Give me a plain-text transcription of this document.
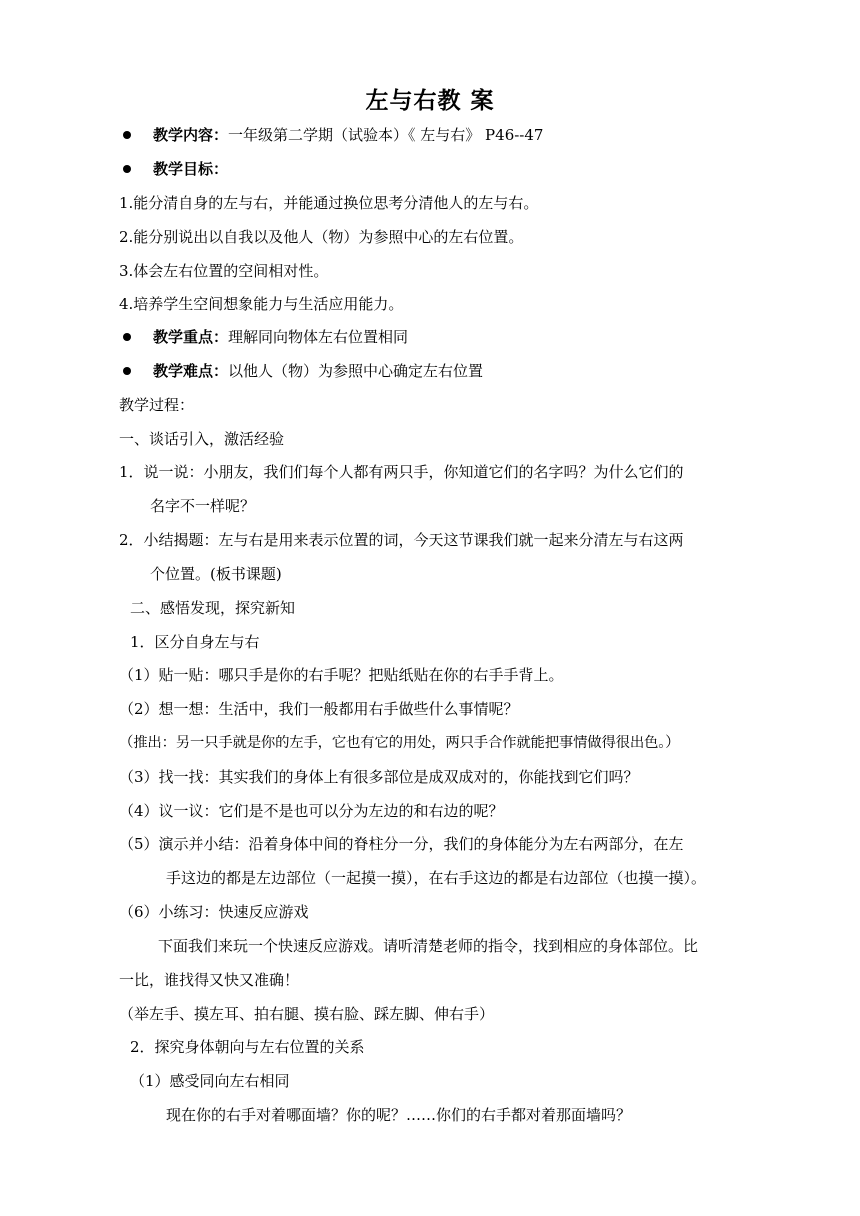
左与右教 案
教学内容：一年级第二学期（试验本）《 左与右》 P46--47
教学目标：
1.能分清自身的左与右，并能通过换位思考分清他人的左与右。
2.能分别说出以自我以及他人（物）为参照中心的左右位置。
3.体会左右位置的空间相对性。
4.培养学生空间想象能力与生活应用能力。
教学重点：理解同向物体左右位置相同
教学难点：以他人（物）为参照中心确定左右位置
教学过程：
一、谈话引入，激活经验
1．说一说：小朋友，我们们每个人都有两只手，你知道它们的名字吗？为什么它们的
名字不一样呢？
2．小结揭题：左与右是用来表示位置的词，今天这节课我们就一起来分清左与右这两
个位置。(板书课题)
二、感悟发现，探究新知
1．区分自身左与右
（1）贴一贴：哪只手是你的右手呢？把贴纸贴在你的右手手背上。
（2）想一想：生活中，我们一般都用右手做些什么事情呢？
（推出：另一只手就是你的左手，它也有它的用处，两只手合作就能把事情做得很出色。）
（3）找一找：其实我们的身体上有很多部位是成双成对的，你能找到它们吗？
（4）议一议：它们是不是也可以分为左边的和右边的呢？
（5）演示并小结：沿着身体中间的脊柱分一分，我们的身体能分为左右两部分，在左
手这边的都是左边部位（一起摸一摸），在右手这边的都是右边部位（也摸一摸）。
（6）小练习：快速反应游戏
下面我们来玩一个快速反应游戏。请听清楚老师的指令，找到相应的身体部位。比
一比，谁找得又快又准确！
（举左手、摸左耳、拍右腿、摸右脸、踩左脚、伸右手）
2．探究身体朝向与左右位置的关系
（1）感受同向左右相同
现在你的右手对着哪面墙？你的呢？……你们的右手都对着那面墙吗？
